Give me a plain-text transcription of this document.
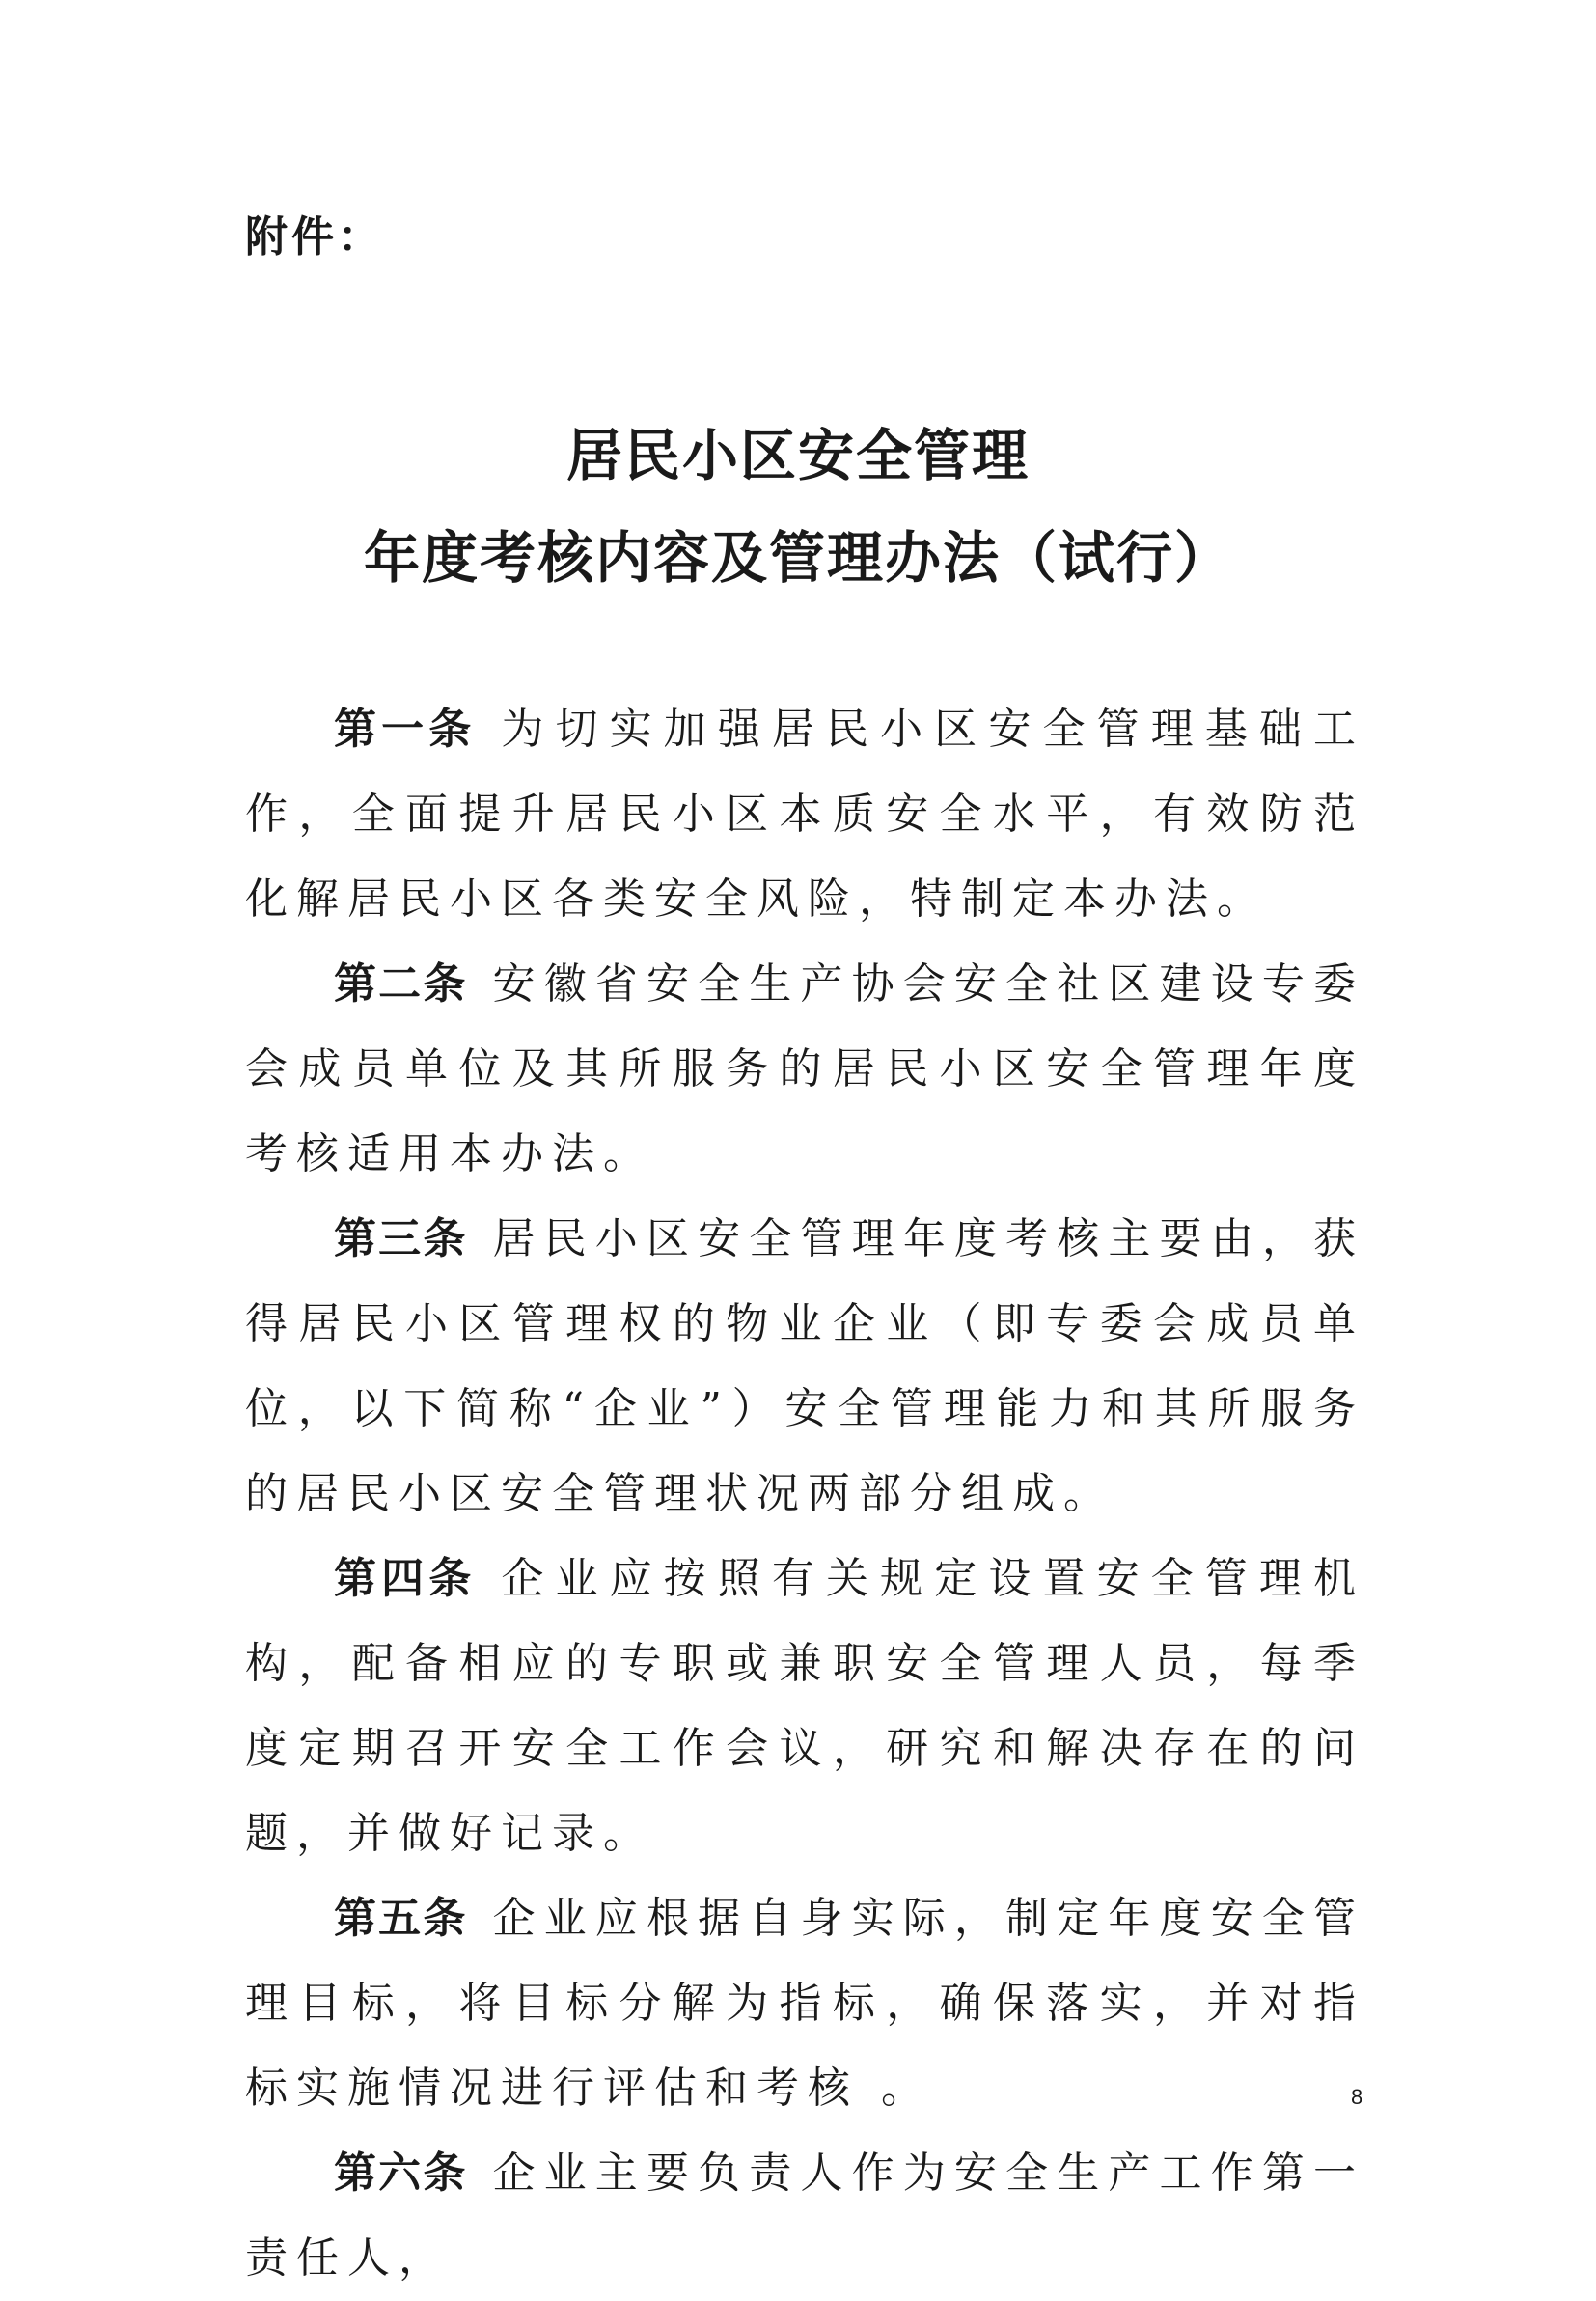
附件：
居民小区安全管理
年度考核内容及管理办法（试行）

第一条 为切实加强居民小区安全管理基础工作，全面提升居民小区本质安全水平，有效防范化解居民小区各类安全风险，特制定本办法。

第二条 安徽省安全生产协会安全社区建设专委会成员单位及其所服务的居民小区安全管理年度考核适用本办法。

第三条 居民小区安全管理年度考核主要由，获得居民小区管理权的物业企业（即专委会成员单位，以下简称“企业”）安全管理能力和其所服务的居民小区安全管理状况两部分组成。

第四条 企业应按照有关规定设置安全管理机构，配备相应的专职或兼职安全管理人员，每季度定期召开安全工作会议，研究和解决存在的问题，并做好记录。

第五条 企业应根据自身实际，制定年度安全管理目标，将目标分解为指标，确保落实，并对指标实施情况进行评估和考核 。

第六条 企业主要负责人作为安全生产工作第一责任人，

8
